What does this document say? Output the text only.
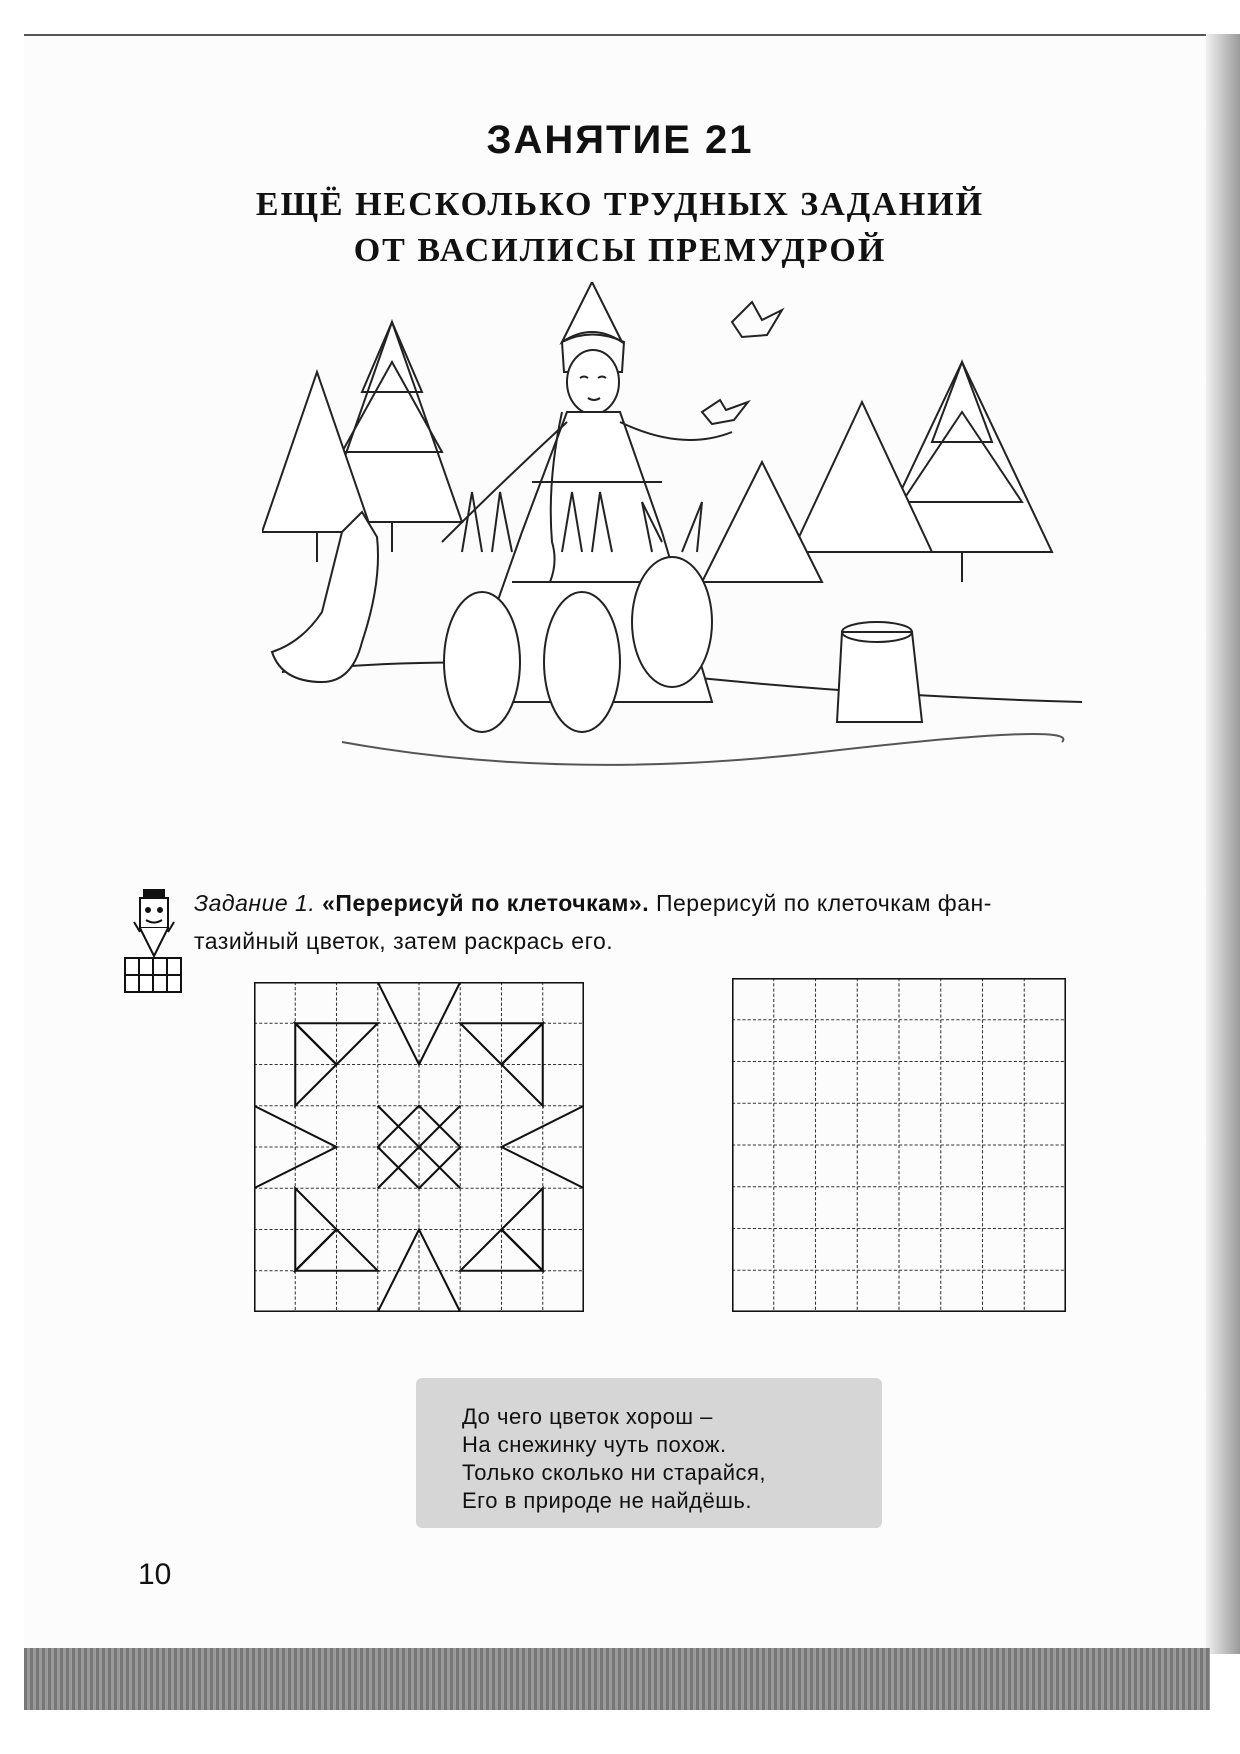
ЗАНЯТИЕ 21
ЕЩЁ НЕСКОЛЬКО ТРУДНЫХ ЗАДАНИЙ
ОТ ВАСИЛИСЫ ПРЕМУДРОЙ
Задание 1. «Перерисуй по клеточкам». Перерисуй по клеточкам фан-
тазийный цветок, затем раскрась его.
До чего цветок хорош –
На снежинку чуть похож.
Только сколько ни старайся,
Его в природе не найдёшь.
10
